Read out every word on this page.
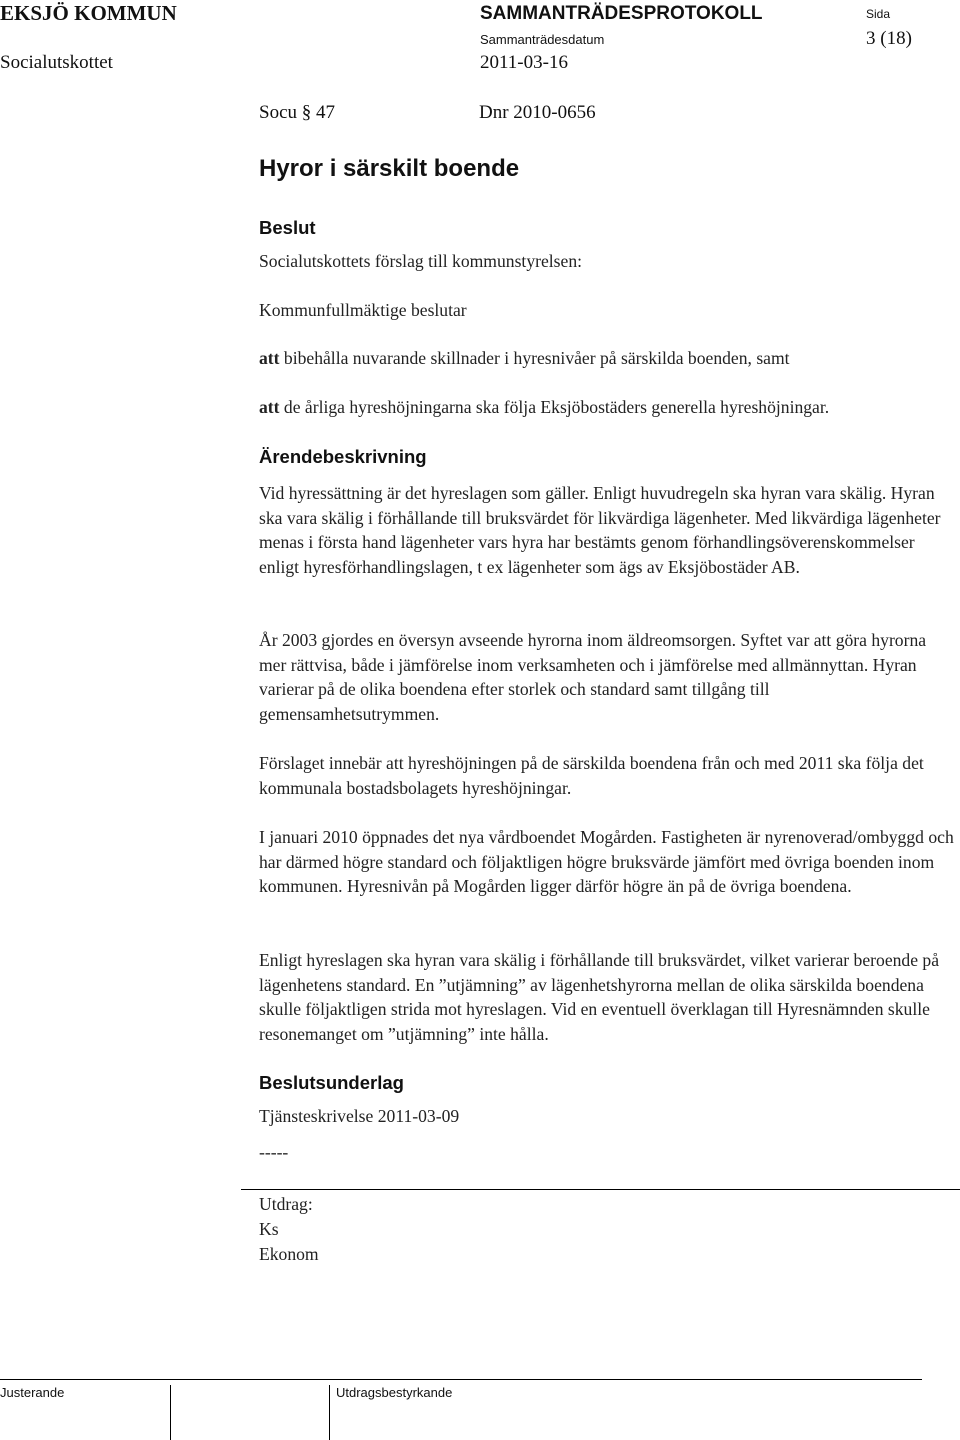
EKSJÖ KOMMUN	SAMMANTRÄDESPROTOKOLL	Sida
Socialutskottet
Sammanträdesdatum
2011-03-16
3 (18)
Socu § 47	Dnr 2010-0656
Hyror i särskilt boende
Beslut
Socialutskottets förslag till kommunstyrelsen:
Kommunfullmäktige beslutar
att bibehålla nuvarande skillnader i hyresnivåer på särskilda boenden, samt
att de årliga hyreshöjningarna ska följa Eksjöbostäders generella hyreshöjningar.
Ärendebeskrivning

Vid hyressättning är det hyreslagen som gäller. Enligt huvudregeln ska hyran vara skälig. Hyran ska vara skälig i förhållande till bruksvärdet för likvärdiga lägenheter. Med likvärdiga lägenheter menas i första hand lägenheter vars hyra har bestämts genom förhandlingsöverenskommelser enligt hyresförhandlingslagen, t ex lägenheter som ägs av Eksjöbostäder AB.

År 2003 gjordes en översyn avseende hyrorna inom äldreomsorgen. Syftet var att göra hyrorna mer rättvisa, både i jämförelse inom verksamheten och i jämförelse med allmännyttan. Hyran varierar på de olika boendena efter storlek och standard samt tillgång till gemensamhetsutrymmen.

Förslaget innebär att hyreshöjningen på de särskilda boendena från och med 2011 ska följa det kommunala bostadsbolagets hyreshöjningar.

I januari 2010 öppnades det nya vårdboendet Mogården. Fastigheten är nyrenoverad/ombyggd och har därmed högre standard och följaktligen högre bruksvärde jämfört med övriga boenden inom kommunen. Hyresnivån på Mogården ligger därför högre än på de övriga boendena.

Enligt hyreslagen ska hyran vara skälig i förhållande till bruksvärdet, vilket varierar beroende på lägenhetens standard. En ”utjämning” av lägenhetshyrorna mellan de olika särskilda boendena skulle följaktligen strida mot hyreslagen. Vid en eventuell överklagan till Hyresnämnden skulle resonemanget om ”utjämning” inte hålla.

Beslutsunderlag
Tjänsteskrivelse 2011-03-09
-----
Utdrag:
Ks
Ekonom
Justerande	Utdragsbestyrkande
